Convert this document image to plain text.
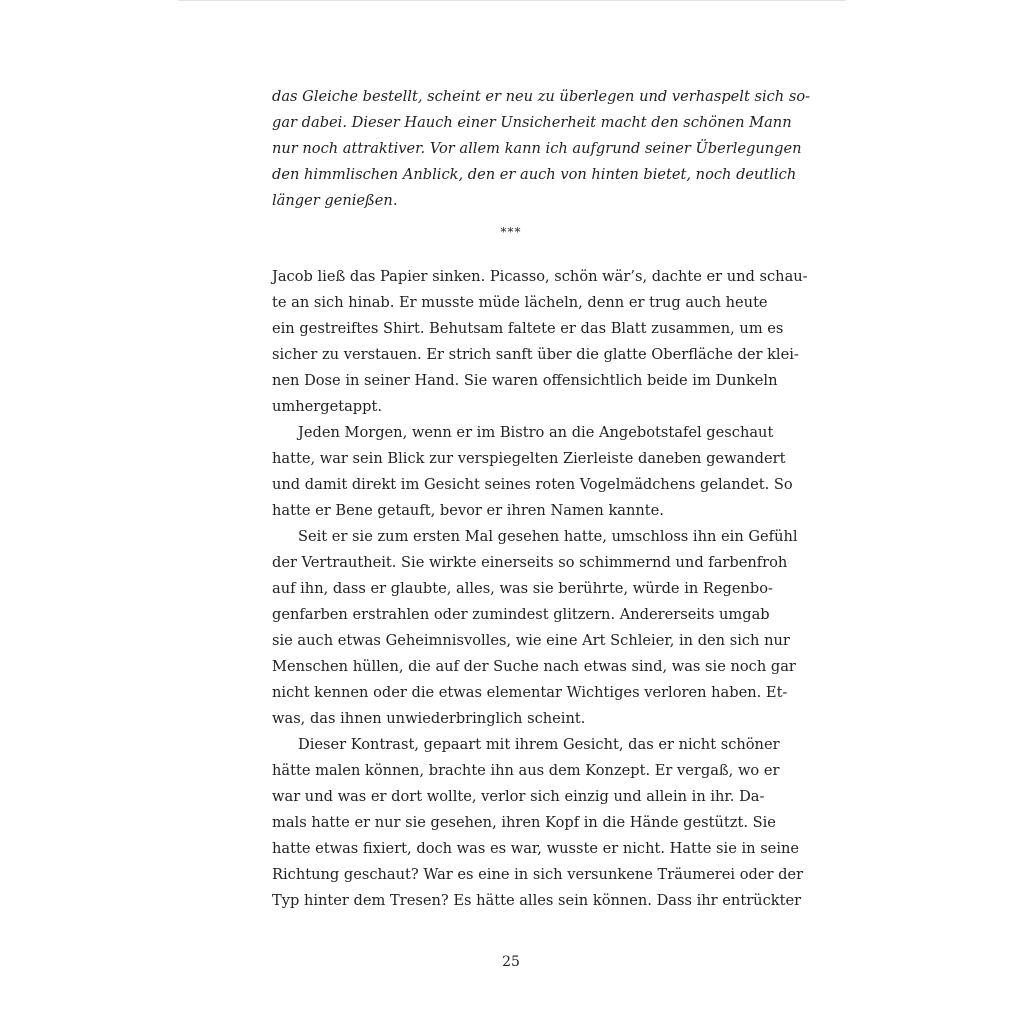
das Gleiche bestellt, scheint er neu zu überlegen und verhaspelt sich so-
gar dabei. Dieser Hauch einer Unsicherheit macht den schönen Mann
nur noch attraktiver. Vor allem kann ich aufgrund seiner Überlegungen
den himmlischen Anblick, den er auch von hinten bietet, noch deutlich
länger genießen.
***
Jacob ließ das Papier sinken. Picasso, schön wär’s, dachte er und schau-
te an sich hinab. Er musste müde lächeln, denn er trug auch heute
ein gestreiftes Shirt. Behutsam faltete er das Blatt zusammen, um es
sicher zu verstauen. Er strich sanft über die glatte Oberfläche der klei-
nen Dose in seiner Hand. Sie waren offensichtlich beide im Dunkeln
umhergetappt.
Jeden Morgen, wenn er im Bistro an die Angebotstafel geschaut
hatte, war sein Blick zur verspiegelten Zierleiste daneben gewandert
und damit direkt im Gesicht seines roten Vogelmädchens gelandet. So
hatte er Bene getauft, bevor er ihren Namen kannte.
Seit er sie zum ersten Mal gesehen hatte, umschloss ihn ein Gefühl
der Vertrautheit. Sie wirkte einerseits so schimmernd und farbenfroh
auf ihn, dass er glaubte, alles, was sie berührte, würde in Regenbo-
genfarben erstrahlen oder zumindest glitzern. Andererseits umgab
sie auch etwas Geheimnisvolles, wie eine Art Schleier, in den sich nur
Menschen hüllen, die auf der Suche nach etwas sind, was sie noch gar
nicht kennen oder die etwas elementar Wichtiges verloren haben. Et-
was, das ihnen unwiederbringlich scheint.
Dieser Kontrast, gepaart mit ihrem Gesicht, das er nicht schöner
hätte malen können, brachte ihn aus dem Konzept. Er vergaß, wo er
war und was er dort wollte, verlor sich einzig und allein in ihr. Da-
mals hatte er nur sie gesehen, ihren Kopf in die Hände gestützt. Sie
hatte etwas fixiert, doch was es war, wusste er nicht. Hatte sie in seine
Richtung geschaut? War es eine in sich versunkene Träumerei oder der
Typ hinter dem Tresen? Es hätte alles sein können. Dass ihr entrückter
25
